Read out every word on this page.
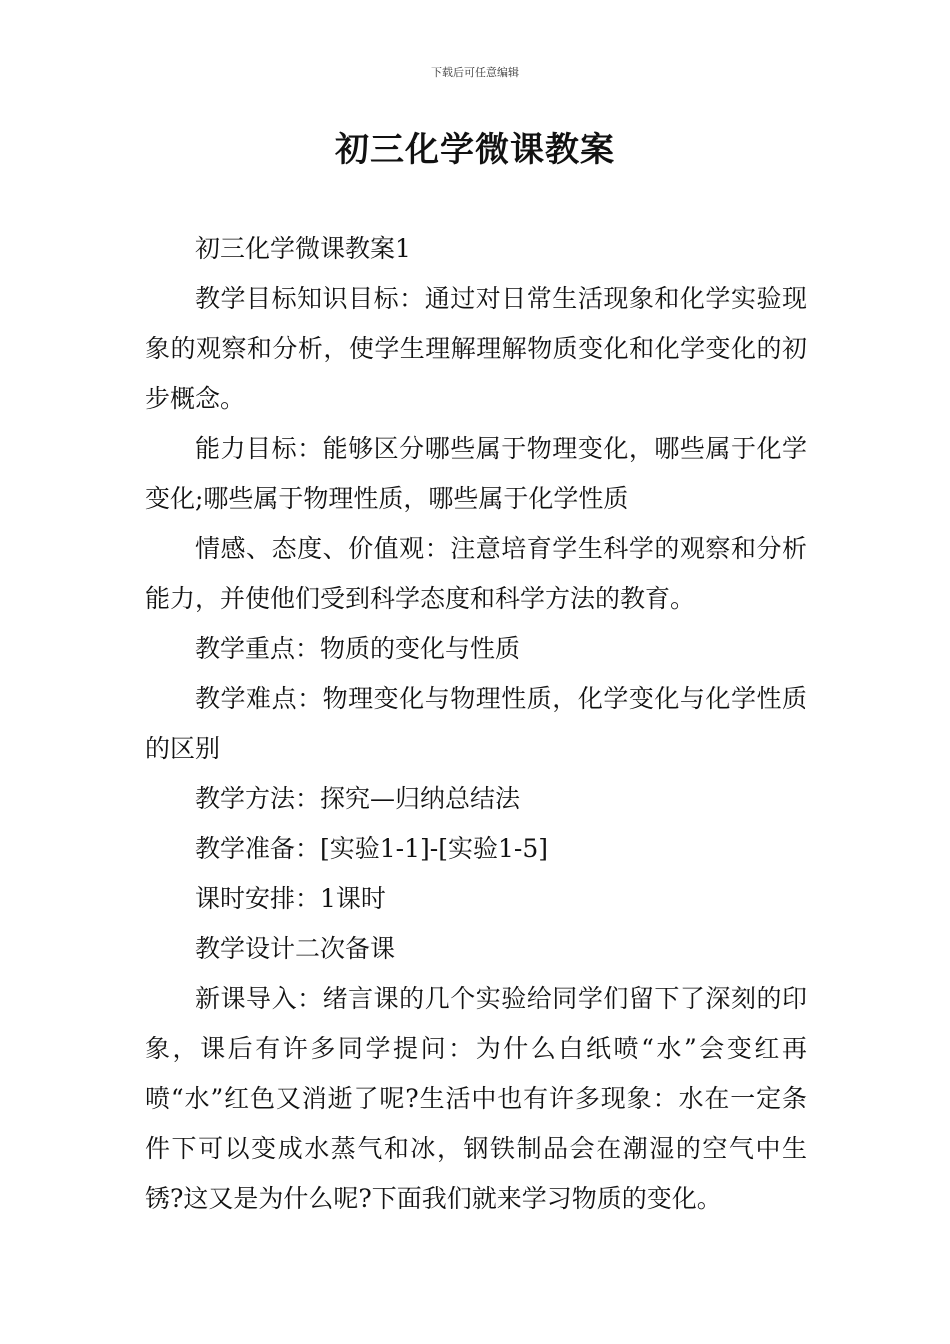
下载后可任意编辑
初三化学微课教案

初三化学微课教案1

教学目标知识目标：通过对日常生活现象和化学实验现象的观察和分析，使学生理解理解物质变化和化学变化的初步概念。

能力目标：能够区分哪些属于物理变化，哪些属于化学变化;哪些属于物理性质，哪些属于化学性质

情感、态度、价值观：注意培育学生科学的观察和分析能力，并使他们受到科学态度和科学方法的教育。

教学重点：物质的变化与性质

教学难点：物理变化与物理性质，化学变化与化学性质的区别

教学方法：探究—归纳总结法

教学准备：[实验1-1]-[实验1-5]

课时安排：1课时

教学设计二次备课

新课导入：绪言课的几个实验给同学们留下了深刻的印象，课后有许多同学提问：为什么白纸喷“水”会变红再喷“水”红色又消逝了呢?生活中也有许多现象：水在一定条件下可以变成水蒸气和冰，钢铁制品会在潮湿的空气中生锈?这又是为什么呢?下面我们就来学习物质的变化。
